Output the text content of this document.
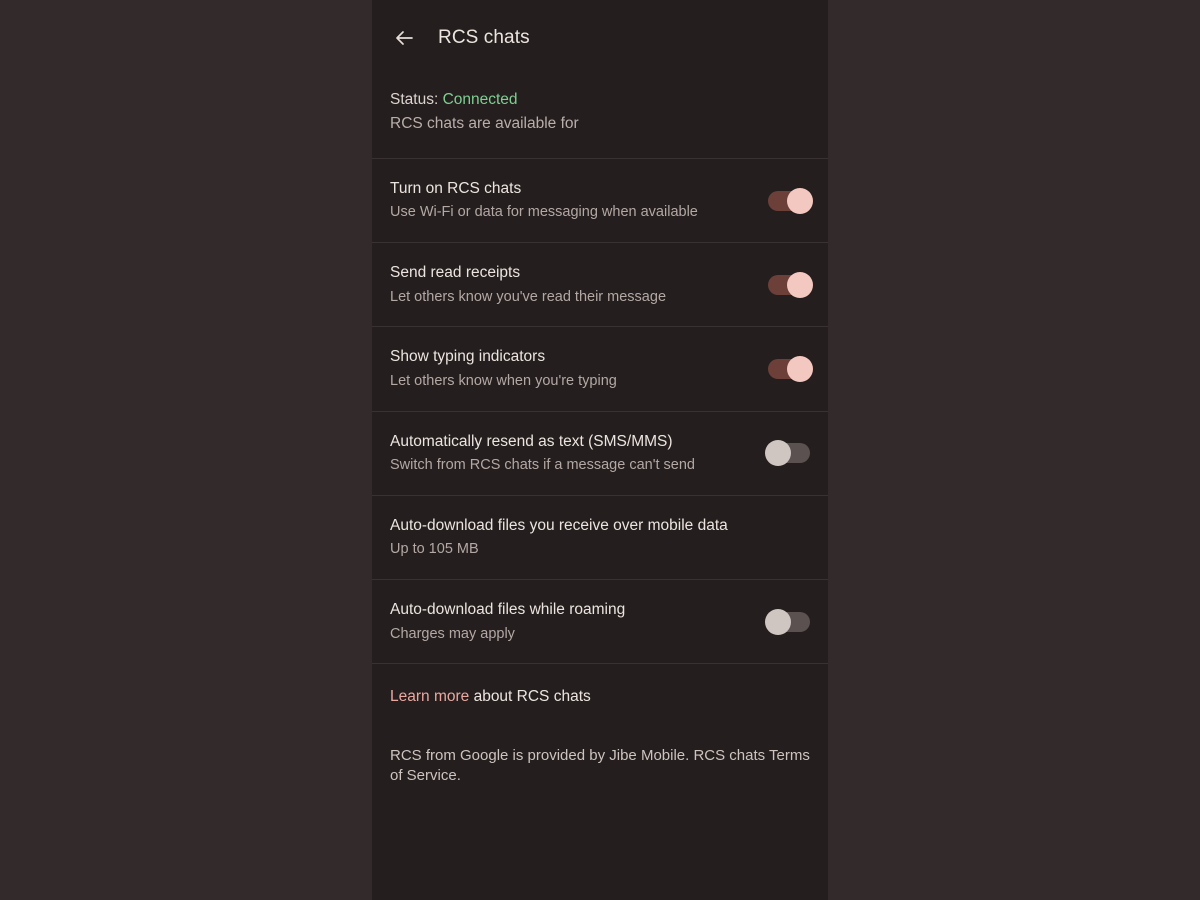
RCS chats
Status: Connected
RCS chats are available for
Turn on RCS chats
Use Wi-Fi or data for messaging when available
Send read receipts
Let others know you've read their message
Show typing indicators
Let others know when you're typing
Automatically resend as text (SMS/MMS)
Switch from RCS chats if a message can't send
Auto-download files you receive over mobile data
Up to 105 MB
Auto-download files while roaming
Charges may apply
Learn more about RCS chats
RCS from Google is provided by Jibe Mobile. RCS chats Terms of Service.
